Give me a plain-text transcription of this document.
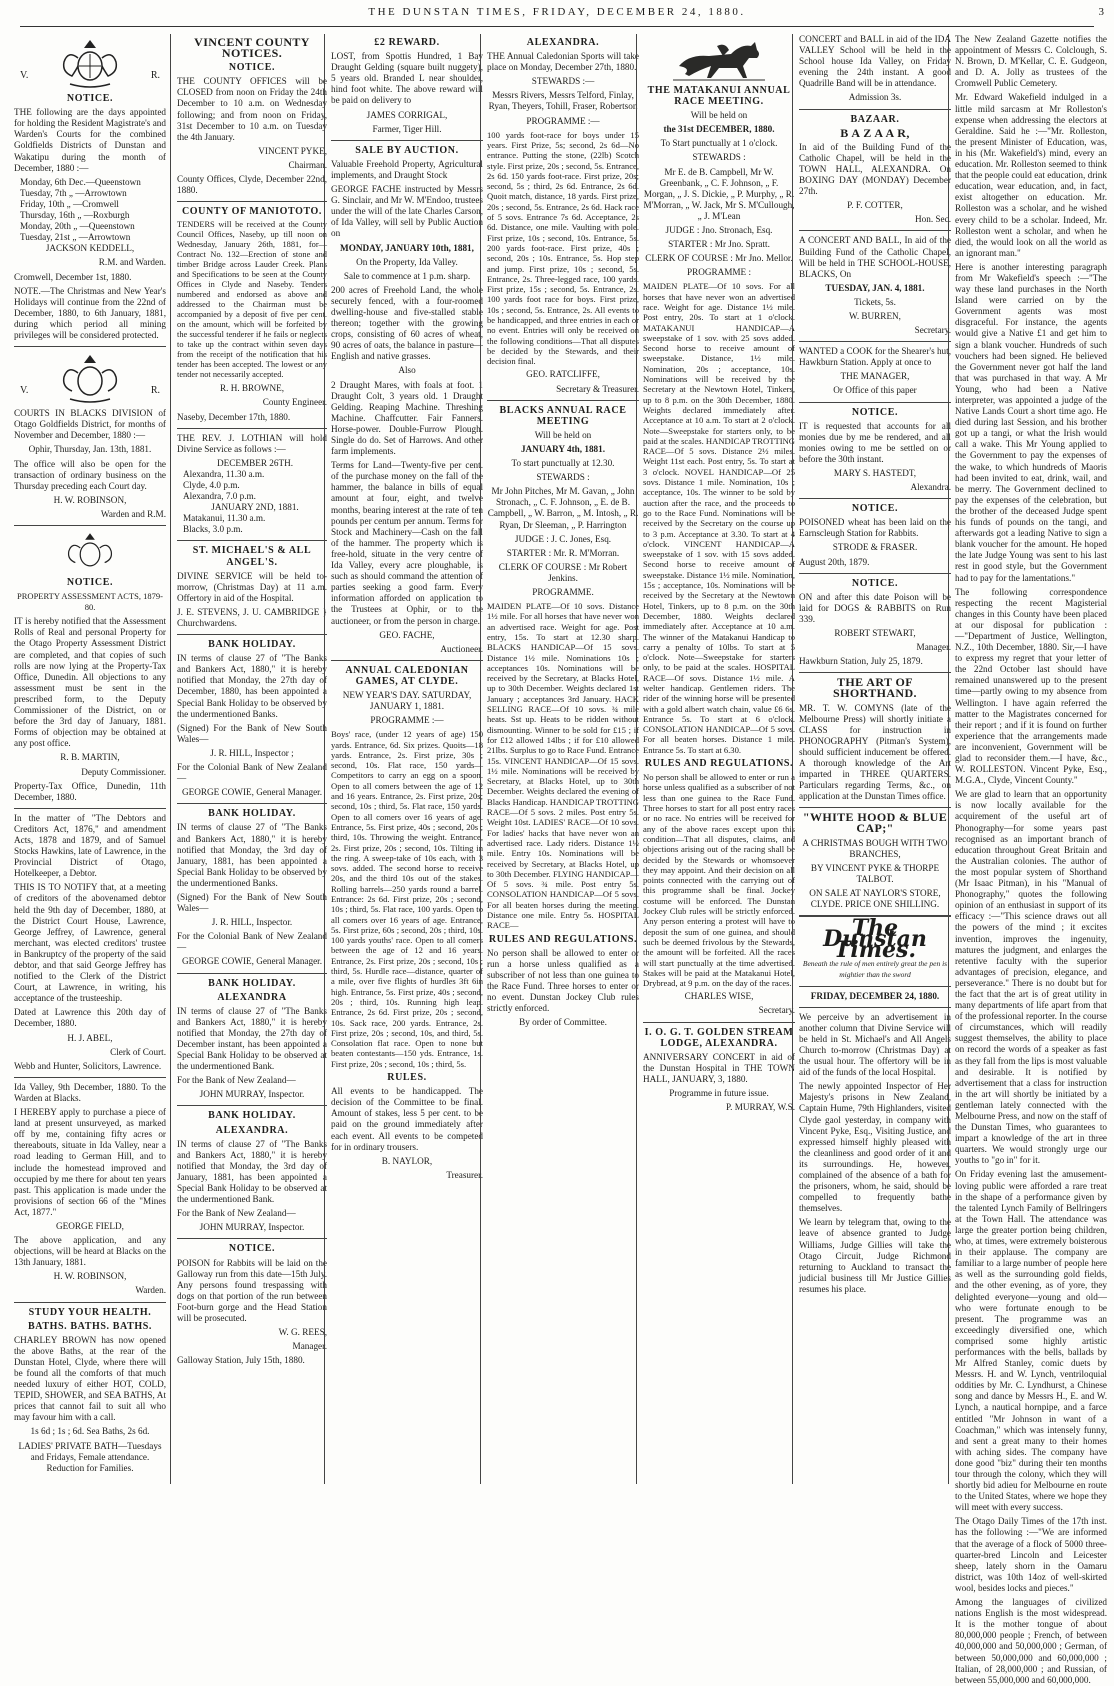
THE DUNSTAN TIMES, FRIDAY, DECEMBER 24, 1880.	3
V.	R.
NOTICE.

THE following are the days appointed for holding the Resident Magistrate's and Warden's Courts for the combined Goldfields Districts of Dunstan and Wakatipu during the month of December, 1880 :—

Monday, 6th Dec.—Queenstown
Tuesday, 7th „ —Arrowtown
Friday, 10th „ —Cromwell
Thursday, 16th „ —Roxburgh
Monday, 20th „ —Queenstown
Tuesday, 21st „ —Arrowtown

JACKSON KEDDELL,

R.M. and Warden.

Cromwell, December 1st, 1880.

NOTE.—The Christmas and New Year's Holidays will continue from the 22nd of December, 1880, to 6th January, 1881, during which period all mining privileges will be considered protected.

V.	R.

COURTS IN BLACKS DIVISION of Otago Goldfields District, for months of November and December, 1880 :—

Ophir, Thursday, Jan. 13th, 1881.

The office will also be open for the transaction of ordinary business on the Thursday preceding each Court day.

H. W. ROBINSON,

Warden and R.M.

NOTICE.

PROPERTY ASSESSMENT ACTS, 1879-80.

IT is hereby notified that the Assessment Rolls of Real and personal Property for the Otago Property Assessment District are completed, and that copies of such rolls are now lying at the Property-Tax Office, Dunedin. All objections to any assessment must be sent in the prescribed form, to the Deputy Commissioner of the District, on or before the 3rd day of January, 1881. Forms of objection may be obtained at any post office.

R. B. MARTIN,

Deputy Commissioner.

Property-Tax Office, Dunedin, 11th December, 1880.

In the matter of "The Debtors and Creditors Act, 1876," and amendment Acts, 1878 and 1879, and of Samuel Stocks Hawkins, late of Lawrence, in the Provincial District of Otago, Hotelkeeper, a Debtor.

THIS IS TO NOTIFY that, at a meeting of creditors of the abovenamed debtor held the 9th day of December, 1880, at the District Court House, Lawrence, George Jeffrey, of Lawrence, general merchant, was elected creditors' trustee in Bankruptcy of the property of the said debtor, and that said George Jeffrey has notified to the Clerk of the District Court, at Lawrence, in writing, his acceptance of the trusteeship.

Dated at Lawrence this 20th day of December, 1880.

H. J. ABEL,

Clerk of Court.

Webb and Hunter, Solicitors, Lawrence.

Ida Valley, 9th December, 1880. To the Warden at Blacks.

I HEREBY apply to purchase a piece of land at present unsurveyed, as marked off by me, containing fifty acres or thereabouts, situate in Ida Valley, near a road leading to German Hill, and to include the homestead improved and occupied by me there for about ten years past. This application is made under the provisions of section 66 of the "Mines Act, 1877."

GEORGE FIELD,

The above application, and any objections, will be heard at Blacks on the 13th January, 1881.

H. W. ROBINSON,

Warden.

STUDY YOUR HEALTH.
BATHS. BATHS. BATHS.

CHARLEY BROWN has now opened the above Baths, at the rear of the Dunstan Hotel, Clyde, where there will be found all the comforts of that much needed luxury of either HOT, COLD, TEPID, SHOWER, and SEA BATHS, At prices that cannot fail to suit all who may favour him with a call.

1s 6d ; 1s ; 6d. Sea Baths, 2s 6d.

LADIES' PRIVATE BATH—Tuesdays and Fridays, Female attendance. Reduction for Families.

VINCENT COUNTY NOTICES.
NOTICE.

THE COUNTY OFFICES will be CLOSED from noon on Friday the 24th December to 10 a.m. on Wednesday following; and from noon on Friday, 31st December to 10 a.m. on Tuesday the 4th January.

VINCENT PYKE,

Chairman.

County Offices, Clyde, December 22nd, 1880.

COUNTY OF MANIOTOTO.

TENDERS will be received at the County Council Offices, Naseby, up till noon on Wednesday, January 26th, 1881, for— Contract No. 132—Erection of stone and timber Bridge across Lauder Creek. Plans and Specifications to be seen at the County Offices in Clyde and Naseby. Tenders numbered and endorsed as above and addressed to the Chairman must be accompanied by a deposit of five per cent. on the amount, which will be forfeited by the successful tenderer if he fails or neglects to take up the contract within seven days from the receipt of the notification that his tender has been accepted. The lowest or any tender not necessarily accepted.

R. H. BROWNE,

County Engineer.

Naseby, December 17th, 1880.

THE REV. J. LOTHIAN will hold Divine Service as follows :—

DECEMBER 26TH.
Alexandra, 11.30 a.m.
Clyde, 4.0 p.m.
Alexandra, 7.0 p.m.
JANUARY 2ND, 1881.
Matakanui, 11.30 a.m.
Blacks, 3.0 p.m.
ST. MICHAEL'S & ALL ANGEL'S.

DIVINE SERVICE will be held to-morrow, (Christmas Day) at 11 a.m. Offertory in aid of the Hospital.

J. E. STEVENS, J. U. CAMBRIDGE } Churchwardens.

BANK HOLIDAY.

IN terms of clause 27 of "The Banks and Bankers Act, 1880," it is hereby notified that Monday, the 27th day of December, 1880, has been appointed a Special Bank Holiday to be observed by the undermentioned Banks.

(Signed) For the Bank of New South Wales—

J. R. HILL, Inspector ;

For the Colonial Bank of New Zealand—

GEORGE COWIE, General Manager.

BANK HOLIDAY.

IN terms of clause 27 of "The Banks and Bankers Act, 1880," it is hereby notified that Monday, the 3rd day of January, 1881, has been appointed a Special Bank Holiday to be observed by the undermentioned Banks.

(Signed) For the Bank of New South Wales—

J. R. HILL, Inspector.

For the Colonial Bank of New Zealand—

GEORGE COWIE, General Manager.

BANK HOLIDAY.
ALEXANDRA

IN terms of clause 27 of "The Banks and Bankers Act, 1880," it is hereby notified that Monday, the 27th day of December instant, has been appointed a Special Bank Holiday to be observed at the undermentioned Bank.

For the Bank of New Zealand—

JOHN MURRAY, Inspector.

BANK HOLIDAY.
ALEXANDRA.

IN terms of clause 27 of "The Banks and Bankers Act, 1880," it is hereby notified that Monday, the 3rd day of January, 1881, has been appointed a Special Bank Holiday to be observed at the undermentioned Bank.

For the Bank of New Zealand—

JOHN MURRAY, Inspector.

NOTICE.

POISON for Rabbits will be laid on the Galloway run from this date—15th July. Any persons found trespassing with dogs on that portion of the run between Foot-burn gorge and the Head Station will be prosecuted.

W. G. REES,

Manager.

Galloway Station, July 15th, 1880.

£2 REWARD.

LOST, from Spottis Hundred, 1 Bay Draught Gelding (square built nuggety), 5 years old. Branded L near shoulder, hind foot white. The above reward will be paid on delivery to

JAMES CORRIGAL,

Farmer, Tiger Hill.

SALE BY AUCTION.

Valuable Freehold Property, Agricultural implements, and Draught Stock

GEORGE FACHE instructed by Messrs G. Sinclair, and Mr W. M'Endoo, trustees under the will of the late Charles Carson, of Ida Valley, will sell by Public Auction on

MONDAY, JANUARY 10th, 1881,

On the Property, Ida Valley.

Sale to commence at 1 p.m. sharp.

200 acres of Freehold Land, the whole securely fenced, with a four-roomed dwelling-house and five-stalled stable thereon; together with the growing crops, consisting of 60 acres of wheat, 90 acres of oats, the balance in pasture—English and native grasses.

Also

2 Draught Mares, with foals at foot. 1 Draught Colt, 3 years old. 1 Draught Gelding. Reaping Machine. Threshing Machine. Chaffcutter. Fair Fanners. Horse-power. Double-Furrow Plough. Single do do. Set of Harrows. And other farm implements.

Terms for Land—Twenty-five per cent. of the purchase money on the fall of the hammer, the balance in bills of equal amount at four, eight, and twelve months, bearing interest at the rate of ten pounds per centum per annum. Terms for Stock and Machinery—Cash on the fall of the hammer. The property which is free-hold, situate in the very centre of Ida Valley, every acre ploughable, is such as should command the attention of parties seeking a good farm. Every information afforded on application to the Trustees at Ophir, or to the auctioneer, or from the person in charge.

GEO. FACHE,

Auctioneer.

ANNUAL CALEDONIAN GAMES, AT CLYDE.

NEW YEAR'S DAY. SATURDAY, JANUARY 1, 1881.

PROGRAMME :—

Boys' race, (under 12 years of age) 150 yards. Entrance, 6d. Six prizes. Quoits—18 yards. Entrance, 2s. First prize, 30s ; second, 10s. Flat race, 150 yards—Competitors to carry an egg on a spoon. Open to all comers between the age of 12 and 16 years. Entrance, 2s. First prize, 20s; second, 10s ; third, 5s. Flat race, 150 yards. Open to all comers over 16 years of age. Entrance, 5s. First prize, 40s ; second, 20s ; third, 10s. Throwing the weight. Entrance, 2s. First prize, 20s ; second, 10s. Tilting in the ring. A sweep-take of 10s each, with 3 sovs. added. The second horse to receive 20s, and the third 10s out of the stakes. Rolling barrels—250 yards round a barrel. Entrance: 2s 6d. First prize, 20s ; second, 10s ; third, 5s. Flat race, 100 yards. Open to all comers over 16 years of age. Entrance, 5s. First prize, 60s ; second, 20s ; third, 10s. 100 yards youths' race. Open to all comers between the age of 12 and 16 years. Entrance, 2s. First prize, 20s ; second, 10s ; third, 5s. Hurdle race—distance, quarter of a mile, over five flights of hurdles 3ft 6in high. Entrance, 5s. First prize, 40s ; second, 20s ; third, 10s. Running high leap. Entrance, 2s 6d. First prize, 20s ; second, 10s. Sack race, 200 yards. Entrance, 2s. First prize, 20s ; second, 10s, and third, 5s. Consolation flat race. Open to none but beaten contestants—150 yds. Entrance, 1s. First prize, 20s ; second, 10s ; third, 5s.

RULES.

All events to be handicapped. The decision of the Committee to be final. Amount of stakes, less 5 per cent. to be paid on the ground immediately after each event. All events to be competed for in ordinary trousers.

B. NAYLOR,

Treasurer.

ALEXANDRA.

THE Annual Caledonian Sports will take place on Monday, December 27th, 1880.

STEWARDS :—

Messrs Rivers, Messrs Telford, Finlay, Ryan, Theyers, Tohill, Fraser, Robertson

PROGRAMME :—

100 yards foot-race for boys under 15 years. First Prize, 5s; second, 2s 6d—No entrance. Putting the stone, (22lb) Scotch style. First prize, 20s ; second, 5s. Entrance, 2s 6d. 150 yards foot-race. First prize, 20s; second, 5s ; third, 2s 6d. Entrance, 2s 6d. Quoit match, distance, 18 yards. First prize, 20s ; second, 5s. Entrance, 2s 6d. Hack race of 5 sovs. Entrance 7s 6d. Acceptance, 2s 6d. Distance, one mile. Vaulting with pole. First prize, 10s ; second, 10s. Entrance, 5s. 200 yards foot-race. First prize, 40s ; second, 20s ; 10s. Entrance, 5s. Hop step and jump. First prize, 10s ; second, 5s. Entrance, 2s. Three-legged race, 100 yards. First prize, 15s ; second, 5s. Entrance, 2s. 100 yards foot race for boys. First prize, 10s ; second, 5s. Entrance, 2s. All events to be handicapped, and three entries in each or no event. Entries will only be received on the following conditions—That all disputes be decided by the Stewards, and their decision final.

GEO. RATCLIFFE,

Secretary & Treasurer.

BLACKS ANNUAL RACE MEETING

Will be held on

JANUARY 4th, 1881.

To start punctually at 12.30.

STEWARDS :

Mr John Pitches, Mr M. Gavan, „ John Stronach, „ C. F. Johnson, „ E. de B. Campbell, „ W. Barron, „ M. Intosh, „ R. Ryan, Dr Sleeman, „ P. Harrington

JUDGE : J. C. Jones, Esq.

STARTER : Mr. R. M'Morran.

CLERK OF COURSE : Mr Robert Jenkins.

PROGRAMME.

MAIDEN PLATE—Of 10 sovs. Distance 1½ mile. For all horses that have never won an advertised race. Weight for age. Post entry, 15s. To start at 12.30 sharp. BLACKS HANDICAP—Of 15 sovs. Distance 1½ mile. Nominations 10s ; acceptances 10s. Nominations will be received by the Secretary, at Blacks Hotel, up to 30th December. Weights declared 1st January ; acceptances 3rd January. HACK SELLING RACE—Of 10 sovs. ¾ mile heats. Sst up. Heats to be ridden without dismounting. Winner to be sold for £15 ; if for £12 allowed 14lbs ; if for £10 allowed 21lbs. Surplus to go to Race Fund. Entrance 15s. VINCENT HANDICAP—Of 15 sovs. 1½ mile. Nominations will be received by Secretary, at Blacks Hotel, up to 30th December. Weights declared the evening of Blacks Handicap. HANDICAP TROTTING RACE—Of 5 sovs. 2 miles. Post entry 5s. Weight 10st. LADIES' RACE—Of 10 sovs. For ladies' hacks that have never won an advertised race. Lady riders. Distance 1½ mile. Entry 10s. Nominations will be received by Secretary, at Blacks Hotel, up to 30th December. FLYING HANDICAP—Of 5 sovs. ¾ mile. Post entry 5s. CONSOLATION HANDICAP—Of 5 sovs. For all beaten horses during the meeting. Distance one mile. Entry 5s. HOSPITAL RACE—

RULES AND REGULATIONS.

No person shall be allowed to enter or run a horse unless qualified as a subscriber of not less than one guinea to the Race Fund. Three horses to enter or no event. Dunstan Jockey Club rules strictly enforced.

By order of Committee.

THE MATAKANUI ANNUAL RACE MEETING.

Will be held on

the 31st DECEMBER, 1880.

To Start punctually at 1 o'clock.

STEWARDS :

Mr E. de B. Campbell, Mr W. Greenbank, „ C. F. Johnson, „ F. Morgan, „ J. S. Dickie, „ P. Murphy, „ R. M'Morran, „ W. Jack, Mr S. M'Cullough, „ J. M'Lean

JUDGE : Jno. Stronach, Esq.

STARTER : Mr Jno. Spratt.

CLERK OF COURSE : Mr Jno. Mellor.

PROGRAMME :

MAIDEN PLATE—Of 10 sovs. For all horses that have never won an advertised race. Weight for age. Distance 1½ mile. Post entry, 20s. To start at 1 o'clock. MATAKANUI HANDICAP—A sweepstake of 1 sov. with 25 sovs added. Second horse to receive amount of sweepstake. Distance, 1½ mile. Nomination, 20s ; acceptance, 10s. Nominations will be received by the Secretary at the Newtown Hotel, Tinkers, up to 8 p.m. on the 30th December, 1880. Weights declared immediately after. Acceptance at 10 a.m. To start at 2 o'clock. Note—Sweepstake for starters only, to be paid at the scales. HANDICAP TROTTING RACE—Of 5 sovs. Distance 2½ miles. Weight 11st each. Post entry, 5s. To start at 3 o'clock. NOVEL HANDICAP—Of 25 sovs. Distance 1 mile. Nomination, 10s ; acceptance, 10s. The winner to be sold by auction after the race, and the proceeds to go to the Race Fund. Nominations will be received by the Secretary on the course up to 3 p.m. Acceptance at 3.30. To start at 4 o'clock. VINCENT HANDICAP—A sweepstake of 1 sov. with 15 sovs added. Second horse to receive amount of sweepstake. Distance 1½ mile. Nomination, 15s ; acceptance, 10s. Nominations will be received by the Secretary at the Newtown Hotel, Tinkers, up to 8 p.m. on the 30th December, 1880. Weights declared immediately after. Acceptance at 10 a.m. The winner of the Matakanui Handicap to carry a penalty of 10lbs. To start at 5 o'clock. Note—Sweepstake for starters only, to be paid at the scales. HOSPITAL RACE—Of sovs. Distance 1½ mile. A welter handicap. Gentlemen riders. The rider of the winning horse will be presented with a gold albert watch chain, value £6 6s. Entrance 5s. To start at 6 o'clock. CONSOLATION HANDICAP—Of 5 sovs. For all beaten horses. Distance 1 mile. Entrance 5s. To start at 6.30.

RULES AND REGULATIONS.

No person shall be allowed to enter or run a horse unless qualified as a subscriber of not less than one guinea to the Race Fund. Three horses to start for all post entry races or no race. No entries will be received for any of the above races except upon this condition—That all disputes, claims, and objections arising out of the racing shall be decided by the Stewards or whomsoever they may appoint. And their decision on all points connected with the carrying out of this programme shall be final. Jockey costume will be enforced. The Dunstan Jockey Club rules will be strictly enforced. Any person entering a protest will have to deposit the sum of one guinea, and should such be deemed frivolous by the Stewards, the amount will be forfeited. All the races will start punctually at the time advertised. Stakes will be paid at the Matakanui Hotel, Drybread, at 9 p.m. on the day of the races.

CHARLES WISE,

Secretary.

I. O. G. T. GOLDEN STREAM LODGE, ALEXANDRA.

ANNIVERSARY CONCERT in aid of the Dunstan Hospital in THE TOWN HALL, JANUARY, 3, 1880.

Programme in future issue.

P. MURRAY, W.S.

CONCERT and BALL in aid of the IDA VALLEY School will be held in the School house Ida Valley, on Friday evening the 24th instant. A good Quadrille Band will be in attendance.

Admission 3s.

BAZAAR.
B A Z A A R,

In aid of the Building Fund of the Catholic Chapel, will be held in the TOWN HALL, ALEXANDRA. On BOXING DAY (MONDAY) December 27th.

P. F. COTTER,

Hon. Sec.

A CONCERT AND BALL, In aid of the Building Fund of the Catholic Chapel, Will be held in THE SCHOOL-HOUSE, BLACKS, On

TUESDAY, JAN. 4, 1881.

Tickets, 5s.

W. BURREN,

Secretary.

WANTED a COOK for the Shearer's hut, Hawkburn Station. Apply at once to

THE MANAGER,

Or Office of this paper

NOTICE.

IT is requested that accounts for all monies due by me be rendered, and all monies owing to me be settled on or before the 30th instant.

MARY S. HASTEDT,

Alexandra.

NOTICE.

POISONED wheat has been laid on the Earnscleugh Station for Rabbits.

STRODE & FRASER.

August 20th, 1879.

NOTICE.

ON and after this date Poison will be laid for DOGS & RABBITS on Run 339.

ROBERT STEWART,

Manager.

Hawkburn Station, July 25, 1879.

THE ART OF SHORTHAND.

MR. T. W. COMYNS (late of the Melbourne Press) will shortly initiate a CLASS for instruction in PHONOGRAPHY (Pitman's System), should sufficient inducement be offered. A thorough knowledge of the Art imparted in THREE QUARTERS. Particulars regarding Terms, &c., on application at the Dunstan Times office.

"WHITE HOOD & BLUE CAP;"

A CHRISTMAS BOUGH WITH TWO BRANCHES,

BY VINCENT PYKE & THORPE TALBOT.

ON SALE AT NAYLOR'S STORE, CLYDE. PRICE ONE SHILLING.

The Dunstan Times.

Beneath the rule of men entirely great the pen is mightier than the sword

FRIDAY, DECEMBER 24, 1880.

We perceive by an advertisement in another column that Divine Service will be held in St. Michael's and All Angels Church to-morrow (Christmas Day) at the usual hour. The offertory will be in aid of the funds of the local Hospital.

The newly appointed Inspector of Her Majesty's prisons in New Zealand, Captain Hume, 79th Highlanders, visited Clyde gaol yesterday, in company with Vincent Pyke, Esq., Visiting Justice, and expressed himself highly pleased with the cleanliness and good order of it and its surroundings. He, however, complained of the absence of a bath for the prisoners, whom, he said, should be compelled to frequently bathe themselves.

We learn by telegram that, owing to the leave of absence granted to Judge Williams, Judge Gillies will take the Otago Circuit, Judge Richmond returning to Auckland to transact the judicial business till Mr Justice Gillies resumes his place.

The New Zealand Gazette notifies the appointment of Messrs C. Colclough, S. N. Brown, D. M'Kellar, C. E. Gudgeon, and D. A. Jolly as trustees of the Cromwell Public Cemetery.

Mr. Edward Wakefield indulged in a little mild sarcasm at Mr Rolleston's expense when addressing the electors at Geraldine. Said he :—"Mr. Rolleston, the present Minister of Education, was, in his (Mr. Wakefield's) mind, every an education. Mr. Rolleston seemed to think that the people could eat education, drink education, wear education, and, in fact, exist altogether on education. Mr. Rolleston was a scholar, and he wished every child to be a scholar. Indeed, Mr. Rolleston went a scholar, and when he died, the would look on all the world as an ignorant man."

Here is another interesting paragraph from Mr Wakefield's speech :—"The way these land purchases in the North Island were carried on by the Government agents was most disgraceful. For instance, the agents would give a Native £1 and get him to sign a blank voucher. Hundreds of such vouchers had been signed. He believed the Government never got half the land that was purchased in that way. A Mr Young, who had been a Native interpreter, was appointed a judge of the Native Lands Court a short time ago. He died during last Session, and his brother got up a tangi, or what the Irish would call a wake. This Mr Young applied to the Government to pay the expenses of the wake, to which hundreds of Maoris had been invited to eat, drink, wail, and be merry. The Government declined to pay the expenses of the celebration, but the brother of the deceased Judge spent his funds of pounds on the tangi, and afterwards got a leading Native to sign a blank voucher for the amount. He hoped the late Judge Young was sent to his last rest in good style, but the Government had to pay for the lamentations."

The following correspondence respecting the recent Magisterial changes in this County have been placed at our disposal for publication :—"Department of Justice, Wellington, N.Z., 10th December, 1880. Sir,—I have to express my regret that your letter of the 22nd October last should have remained unanswered up to the present time—partly owing to my absence from Wellington. I have again referred the matter to the Magistrates concerned for their report ; and if it is found on further experience that the arrangements made are inconvenient, Government will be glad to reconsider them.—I have, &c., W. ROLLESTON. Vincent Pyke, Esq., M.G.A., Clyde, Vincent County."

We are glad to learn that an opportunity is now locally available for the acquirement of the useful art of Phonography—for some years past recognised as an important branch of education throughout Great Britain and the Australian colonies. The author of the most popular system of Shorthand (Mr Isaac Pitman), in his "Manual of Phonography," quotes the following opinion of an enthusiast in support of its efficacy :—"This science draws out all the powers of the mind ; it excites invention, improves the ingenuity, matures the judgment, and enlarges the retentive faculty with the superior advantages of precision, elegance, and perseverance." There is no doubt but for the fact that the art is of great utility in many departments of life apart from that of the professional reporter. In the course of circumstances, which will readily suggest themselves, the ability to place on record the words of a speaker as fast as they fall from the lips is most valuable and desirable. It is notified by advertisement that a class for instruction in the art will shortly be initiated by a gentleman lately connected with the Melbourne Press, and now on the staff of the Dunstan Times, who guarantees to impart a knowledge of the art in three quarters. We would strongly urge our youths to "go in" for it.

On Friday evening last the amusement-loving public were afforded a rare treat in the shape of a performance given by the talented Lynch Family of Bellringers at the Town Hall. The attendance was large the greater portion being children, who, at times, were extremely boisterous in their applause. The company are familiar to a large number of people here as well as the surrounding gold fields, and the other evening, as of yore, they delighted everyone—young and old—who were fortunate enough to be present. The programme was an exceedingly diversified one, which comprised some highly artistic performances with the bells, ballads by Mr Alfred Stanley, comic duets by Messrs. H. and W. Lynch, ventriloquial oddities by Mr. C. Lyndhurst, a Chinese song and dance by Messrs H., E. and W. Lynch, a nautical hornpipe, and a farce entitled "Mr Johnson in want of a Coachman," which was intensely funny, and sent a great many to their homes with aching sides. The company have done good "biz" during their ten months tour through the colony, which they will shortly bid adieu for Melbourne en route to the United States, where we hope they will meet with every success.

The Otago Daily Times of the 17th inst. has the following :—"We are informed that the average of a flock of 5000 three-quarter-bred Lincoln and Leicester sheep, lately shorn in the Oamaru district, was 10th 14oz of well-skirted wool, besides locks and pieces."

Among the languages of civilized nations English is the most widespread. It is the mother tongue of about 80,000,000 people ; French, of between 40,000,000 and 50,000,000 ; German, of between 50,000,000 and 60,000,000 ; Italian, of 28,000,000 ; and Russian, of between 55,000,000 and 60,000,000.
